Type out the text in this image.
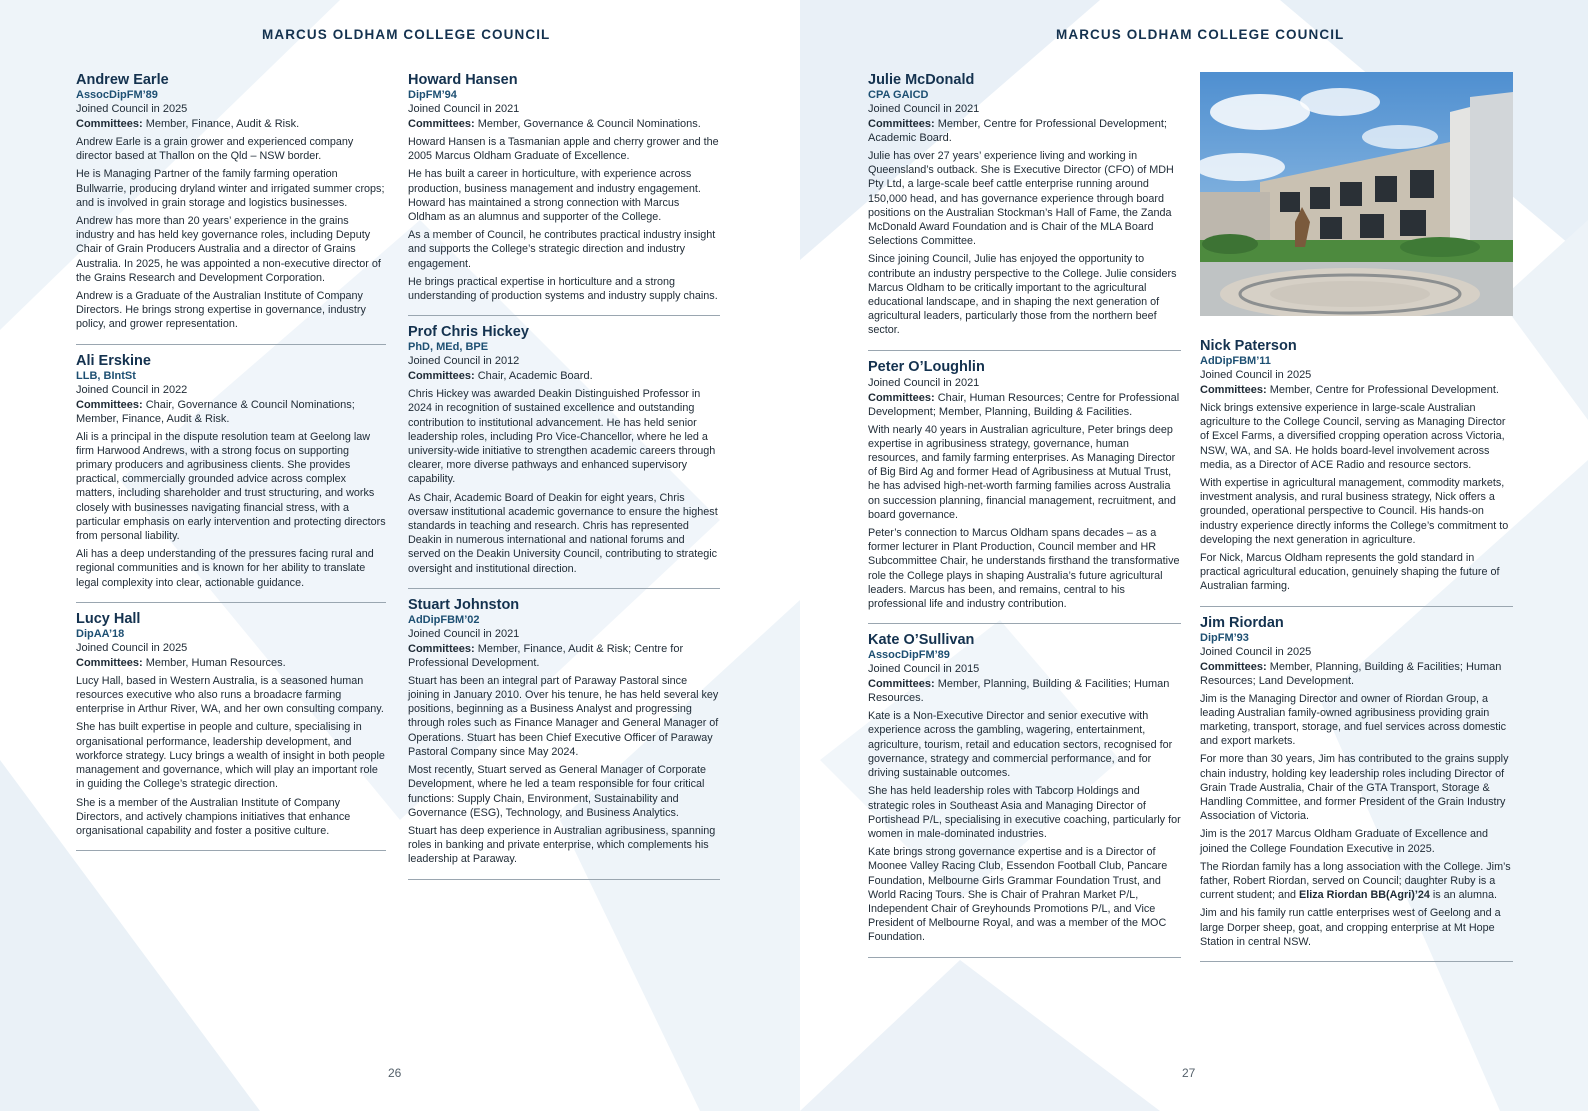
MARCUS OLDHAM COLLEGE COUNCIL	MARCUS OLDHAM COLLEGE COUNCIL
Andrew Earle
AssocDipFM’89
Joined Council in 2025
Committees: Member, Finance, Audit & Risk.
Andrew Earle is a grain grower and experienced company director based at Thallon on the Qld – NSW border.
He is Managing Partner of the family farming operation Bullwarrie, producing dryland winter and irrigated summer crops; and is involved in grain storage and logistics businesses.
Andrew has more than 20 years’ experience in the grains industry and has held key governance roles, including Deputy Chair of Grain Producers Australia and a director of Grains Australia. In 2025, he was appointed a non-executive director of the Grains Research and Development Corporation.
Andrew is a Graduate of the Australian Institute of Company Directors. He brings strong expertise in governance, industry policy, and grower representation.
Ali Erskine
LLB, BIntSt
Joined Council in 2022
Committees: Chair, Governance & Council Nominations; Member, Finance, Audit & Risk.
Ali is a principal in the dispute resolution team at Geelong law firm Harwood Andrews, with a strong focus on supporting primary producers and agribusiness clients. She provides practical, commercially grounded advice across complex matters, including shareholder and trust structuring, and works closely with businesses navigating financial stress, with a particular emphasis on early intervention and protecting directors from personal liability.
Ali has a deep understanding of the pressures facing rural and regional communities and is known for her ability to translate legal complexity into clear, actionable guidance.
Lucy Hall
DipAA’18
Joined Council in 2025
Committees: Member, Human Resources.
Lucy Hall, based in Western Australia, is a seasoned human resources executive who also runs a broadacre farming enterprise in Arthur River, WA, and her own consulting company.
She has built expertise in people and culture, specialising in organisational performance, leadership development, and workforce strategy. Lucy brings a wealth of insight in both people management and governance, which will play an important role in guiding the College’s strategic direction.
She is a member of the Australian Institute of Company Directors, and actively champions initiatives that enhance organisational capability and foster a positive culture.
Howard Hansen
DipFM’94
Joined Council in 2021
Committees: Member, Governance & Council Nominations.
Howard Hansen is a Tasmanian apple and cherry grower and the 2005 Marcus Oldham Graduate of Excellence.
He has built a career in horticulture, with experience across production, business management and industry engagement. Howard has maintained a strong connection with Marcus Oldham as an alumnus and supporter of the College.
As a member of Council, he contributes practical industry insight and supports the College’s strategic direction and industry engagement.
He brings practical expertise in horticulture and a strong understanding of production systems and industry supply chains.
Prof Chris Hickey
PhD, MEd, BPE
Joined Council in 2012
Committees: Chair, Academic Board.
Chris Hickey was awarded Deakin Distinguished Professor in 2024 in recognition of sustained excellence and outstanding contribution to institutional advancement. He has held senior leadership roles, including Pro Vice-Chancellor, where he led a university-wide initiative to strengthen academic careers through clearer, more diverse pathways and enhanced supervisory capability.
As Chair, Academic Board of Deakin for eight years, Chris oversaw institutional academic governance to ensure the highest standards in teaching and research. Chris has represented Deakin in numerous international and national forums and served on the Deakin University Council, contributing to strategic oversight and institutional direction.
Stuart Johnston
AdDipFBM’02
Joined Council in 2021
Committees: Member, Finance, Audit & Risk; Centre for Professional Development.
Stuart has been an integral part of Paraway Pastoral since joining in January 2010. Over his tenure, he has held several key positions, beginning as a Business Analyst and progressing through roles such as Finance Manager and General Manager of Operations. Stuart has been Chief Executive Officer of Paraway Pastoral Company since May 2024.
Most recently, Stuart served as General Manager of Corporate Development, where he led a team responsible for four critical functions: Supply Chain, Environment, Sustainability and Governance (ESG), Technology, and Business Analytics.
Stuart has deep experience in Australian agribusiness, spanning roles in banking and private enterprise, which complements his leadership at Paraway.
Julie McDonald
CPA GAICD
Joined Council in 2021
Committees: Member, Centre for Professional Development; Academic Board.
Julie has over 27 years’ experience living and working in Queensland’s outback. She is Executive Director (CFO) of MDH Pty Ltd, a large-scale beef cattle enterprise running around 150,000 head, and has governance experience through board positions on the Australian Stockman’s Hall of Fame, the Zanda McDonald Award Foundation and is Chair of the MLA Board Selections Committee.
Since joining Council, Julie has enjoyed the opportunity to contribute an industry perspective to the College. Julie considers Marcus Oldham to be critically important to the agricultural educational landscape, and in shaping the next generation of agricultural leaders, particularly those from the northern beef sector.
Peter O’Loughlin
Joined Council in 2021
Committees: Chair, Human Resources; Centre for Professional Development; Member, Planning, Building & Facilities.
With nearly 40 years in Australian agriculture, Peter brings deep expertise in agribusiness strategy, governance, human resources, and family farming enterprises. As Managing Director of Big Bird Ag and former Head of Agribusiness at Mutual Trust, he has advised high-net-worth farming families across Australia on succession planning, financial management, recruitment, and board governance.
Peter’s connection to Marcus Oldham spans decades – as a former lecturer in Plant Production, Council member and HR Subcommittee Chair, he understands firsthand the transformative role the College plays in shaping Australia’s future agricultural leaders. Marcus has been, and remains, central to his professional life and industry contribution.
Kate O’Sullivan
AssocDipFM’89
Joined Council in 2015
Committees: Member, Planning, Building & Facilities; Human Resources.
Kate is a Non-Executive Director and senior executive with experience across the gambling, wagering, entertainment, agriculture, tourism, retail and education sectors, recognised for governance, strategy and commercial performance, and for driving sustainable outcomes.
She has held leadership roles with Tabcorp Holdings and strategic roles in Southeast Asia and Managing Director of Portishead P/L, specialising in executive coaching, particularly for women in male-dominated industries.
Kate brings strong governance expertise and is a Director of Moonee Valley Racing Club, Essendon Football Club, Pancare Foundation, Melbourne Girls Grammar Foundation Trust, and World Racing Tours. She is Chair of Prahran Market P/L, Independent Chair of Greyhounds Promotions P/L, and Vice President of Melbourne Royal, and was a member of the MOC Foundation.
Nick Paterson
AdDipFBM’11
Joined Council in 2025
Committees: Member, Centre for Professional Development.
Nick brings extensive experience in large-scale Australian agriculture to the College Council, serving as Managing Director of Excel Farms, a diversified cropping operation across Victoria, NSW, WA, and SA. He holds board-level involvement across media, as a Director of ACE Radio and resource sectors.
With expertise in agricultural management, commodity markets, investment analysis, and rural business strategy, Nick offers a grounded, operational perspective to Council. His hands-on industry experience directly informs the College’s commitment to developing the next generation in agriculture.
For Nick, Marcus Oldham represents the gold standard in practical agricultural education, genuinely shaping the future of Australian farming.
Jim Riordan
DipFM’93
Joined Council in 2025
Committees: Member, Planning, Building & Facilities; Human Resources; Land Development.
Jim is the Managing Director and owner of Riordan Group, a leading Australian family-owned agribusiness providing grain marketing, transport, storage, and fuel services across domestic and export markets.
For more than 30 years, Jim has contributed to the grains supply chain industry, holding key leadership roles including Director of Grain Trade Australia, Chair of the GTA Transport, Storage & Handling Committee, and former President of the Grain Industry Association of Victoria.
Jim is the 2017 Marcus Oldham Graduate of Excellence and joined the College Foundation Executive in 2025.
The Riordan family has a long association with the College. Jim’s father, Robert Riordan, served on Council; daughter Ruby is a current student; and Eliza Riordan BB(Agri)’24 is an alumna.
Jim and his family run cattle enterprises west of Geelong and a large Dorper sheep, goat, and cropping enterprise at Mt Hope Station in central NSW.
26	27
